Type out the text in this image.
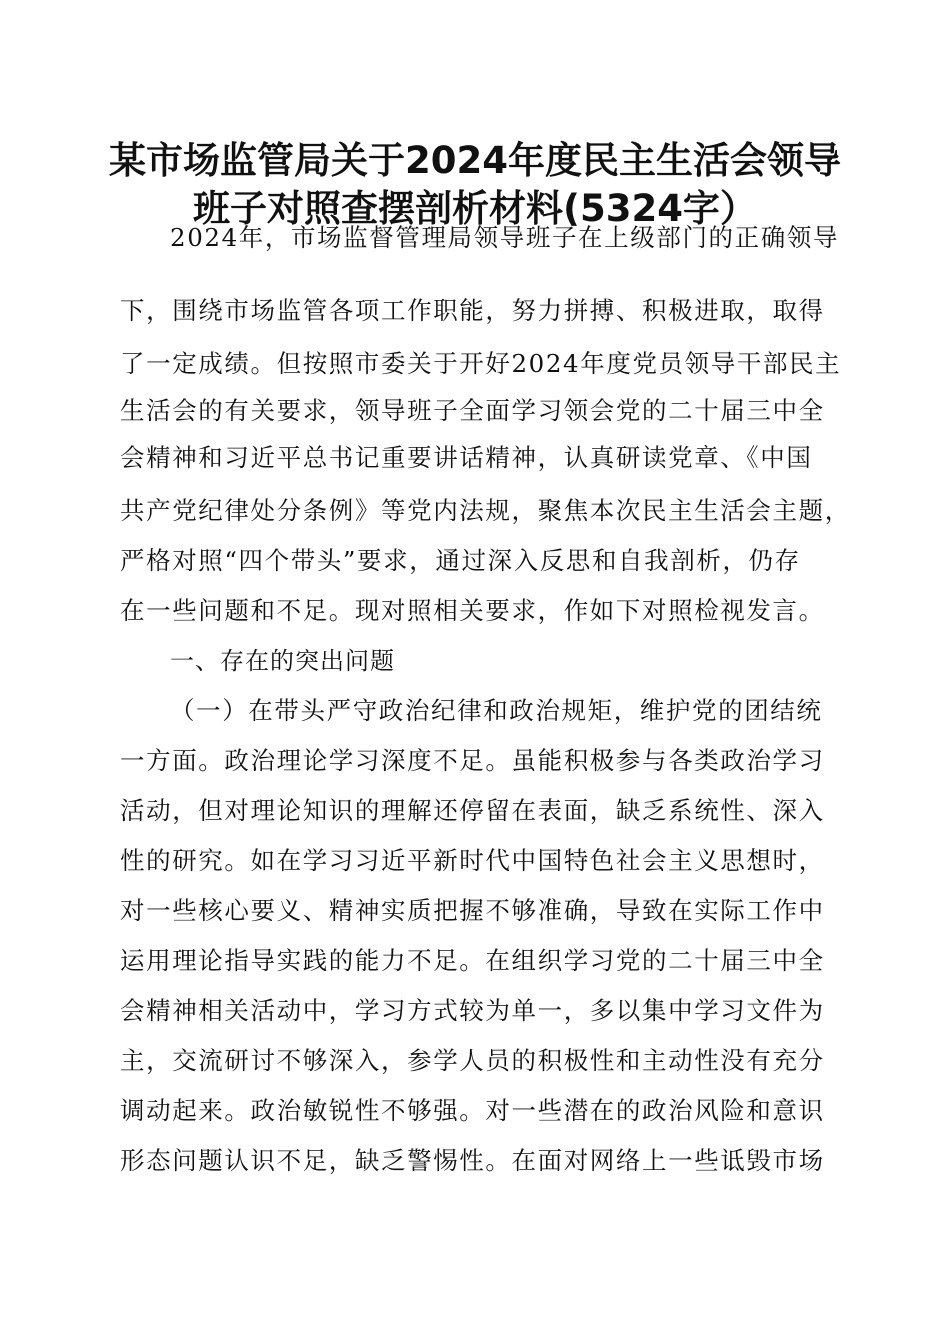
某市场监管局关于2024年度民主生活会领导
班子对照查摆剖析材料(5324字）
2024年，市场监督管理局领导班子在上级部门的正确领导
下，围绕市场监管各项工作职能，努力拼搏、积极进取，取得
了一定成绩。但按照市委关于开好2024年度党员领导干部民主
生活会的有关要求，领导班子全面学习领会党的二十届三中全
会精神和习近平总书记重要讲话精神，认真研读党章、《中国
共产党纪律处分条例》等党内法规，聚焦本次民主生活会主题，
严格对照“四个带头”要求，通过深入反思和自我剖析，仍存
在一些问题和不足。现对照相关要求，作如下对照检视发言。
一、存在的突出问题
（一）在带头严守政治纪律和政治规矩，维护党的团结统
一方面。政治理论学习深度不足。虽能积极参与各类政治学习
活动，但对理论知识的理解还停留在表面，缺乏系统性、深入
性的研究。如在学习习近平新时代中国特色社会主义思想时，
对一些核心要义、精神实质把握不够准确，导致在实际工作中
运用理论指导实践的能力不足。在组织学习党的二十届三中全
会精神相关活动中，学习方式较为单一，多以集中学习文件为
主，交流研讨不够深入，参学人员的积极性和主动性没有充分
调动起来。政治敏锐性不够强。对一些潜在的政治风险和意识
形态问题认识不足，缺乏警惕性。在面对网络上一些诋毁市场
